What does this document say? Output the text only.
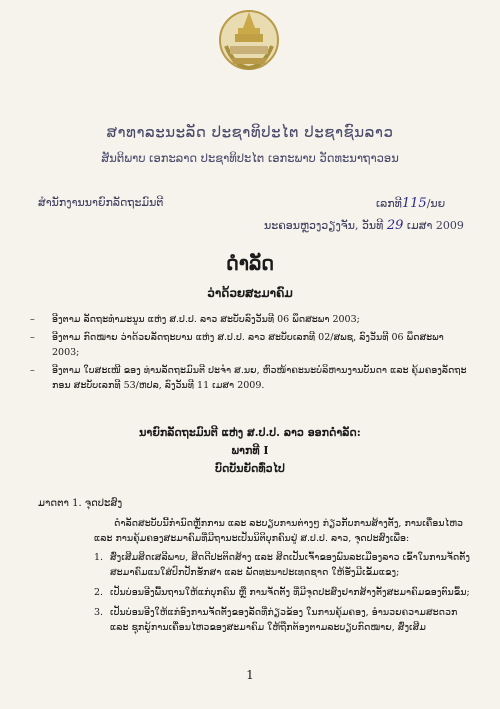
ສາທາລະນະລັດ ປະຊາທິປະໄຕ ປະຊາຊົນລາວ
ສັນຕິພາບ ເອກະລາດ ປະຊາທິປະໄຕ ເອກະພາບ ວັດທະນາຖາວອນ
ສຳນັກງານນາຍົກລັດຖະມົນຕີ	ເລກທີ115/ນຍ
ນະຄອນຫຼວງວຽງຈັນ, ວັນທີ 29 ເມສາ 2009
ດຳລັດ
ວ່າດ້ວຍສະມາຄົມ
–	ອີງຕາມ ລັດຖະທຳມະນູນ ແຫ່ງ ສ.ປ.ປ. ລາວ ສະບັບລົງວັນທີ 06 ພຶດສະພາ 2003;
–	ອີງຕາມ ກົດໝາຍ ວ່າດ້ວຍລັດຖະບານ ແຫ່ງ ສ.ປ.ປ. ລາວ ສະບັບເລກທີ 02/ສພຊ, ລົງວັນທີ 06 ພຶດສະພາ 2003;
–	ອີງຕາມ ໃບສະເໜີ ຂອງ ທ່ານລັດຖະມົນຕີ ປະຈຳ ສ.ນຍ, ຫົວໜ້າຄະນະບໍລິຫານງານບັນດາ ແລະ ຄຸ້ມຄອງລັດຖະກອນ ສະບັບເລກທີ 53/ຫປລ, ລົງວັນທີ 11 ເມສາ 2009.
ນາຍົກລັດຖະມົນຕີ ແຫ່ງ ສ.ປ.ປ. ລາວ ອອກດຳລັດ:
ພາກທີ I
ບົດບັນຍັດທົ່ວໄປ
ມາດຕາ 1. ຈຸດປະສົງ
ດຳລັດສະບັບນີ້ກຳນົດຫຼັກການ ແລະ ລະບຽບການຕ່າງໆ ກ່ຽວກັບການສ້າງຕັ້ງ, ການເຄື່ອນໄຫວ ແລະ ການຄຸ້ມຄອງສະມາຄົມທີ່ມີຖານະເປັນນິຕິບຸກຄົນຢູ່ ສ.ປ.ປ. ລາວ, ຈຸດປະສົງເພື່ອ:
1. ສົ່ງເສີມສິດເສລີພາບ, ສິດດີປະຕິດສ້າງ ແລະ ສິດເປັນເຈົ້າຂອງພົນລະເມືອງລາວ ເຂົ້າໃນການຈັດຕັ້ງສະມາຄົມແນໃສ່ປົກປັກຮັກສາ ແລະ ພັດທະນາປະເທດຊາດ ໃຫ້ຮັ່ງມີເຂັ້ມແຂງ;
2. ເປັນບ່ອນອີງພື້ນຖານໃຫ້ແກ່ບຸກຄົນ ຫຼື ການຈັດຕັ້ງ ທີ່ມີຈຸດປະສົງຢາກສ້າງຕັ້ງສະມາຄົມຂອງຕົນຂຶ້ນ;
3. ເປັນບ່ອນອີງໃຫ້ແກ່ອົງການຈັດຕັ້ງຂອງລັດທີ່ກ່ຽວຂ້ອງ ໃນການຄຸ້ມຄອງ, ອຳນວຍຄວາມສະດວກ ແລະ ຊຸກຍູ້ການເຄື່ອນໄຫວຂອງສະມາຄົມ ໃຫ້ຖືກຕ້ອງຕາມລະບຽບກົດໝາຍ, ສົ່ງເສີມ
1
